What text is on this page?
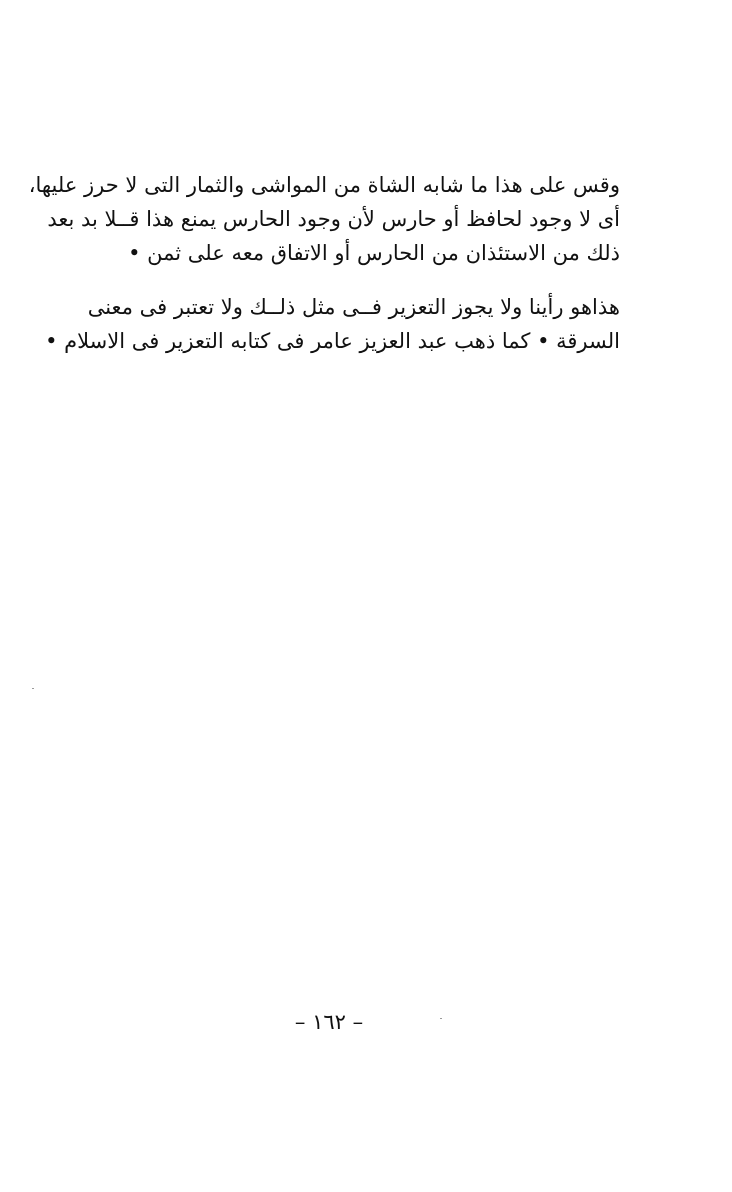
وقس على هذا ما شابه الشاة من المواشى والثمار التى لا حرز عليها،
أى لا وجود لحافظ أو حارس لأن وجود الحارس يمنع هذا قــلا بد بعد
ذلك من الاستئذان من الحارس أو الاتفاق معه على ثمن •
هذاهو رأينا ولا يجوز التعزير فــى مثل ذلــك ولا تعتبر فى معنى
السرقة • كما ذهب عبد العزيز عامر فى كتابه التعزير فى الاسلام •
– ١٦٢ –
